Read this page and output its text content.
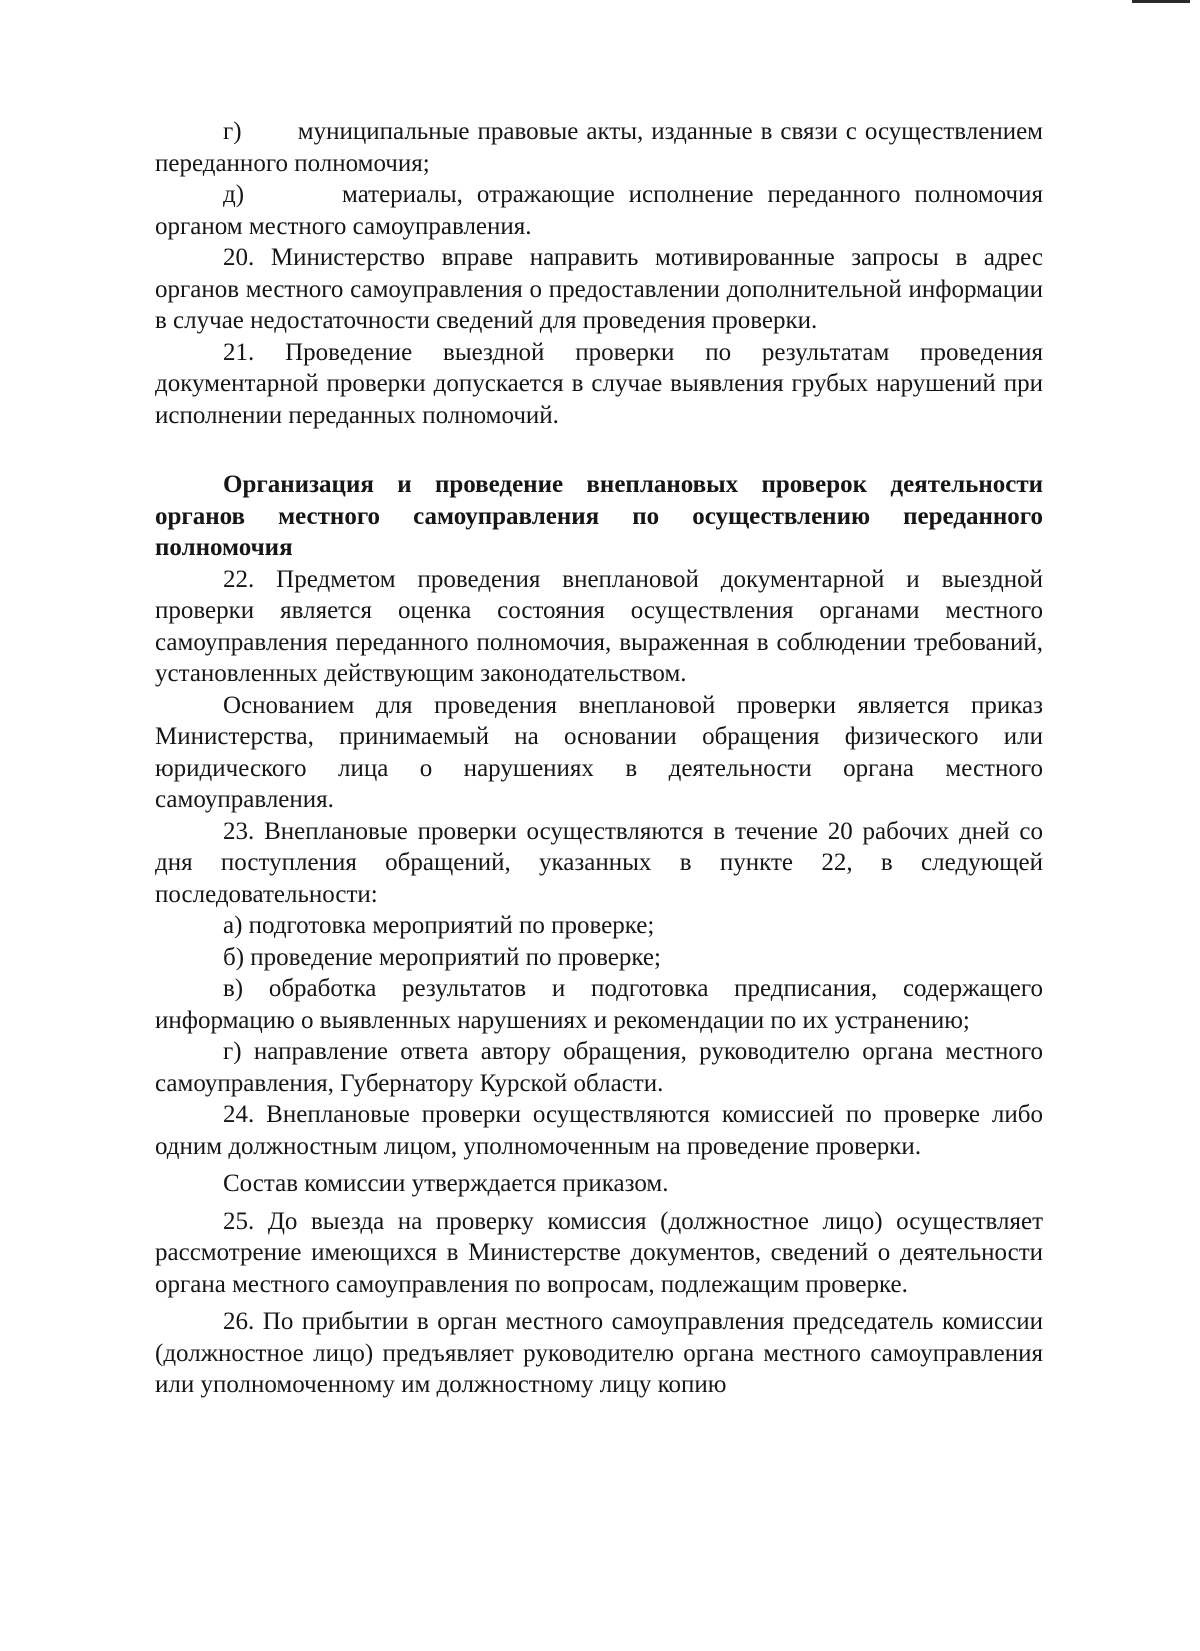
г)       муниципальные правовые акты, изданные в связи с осуществлением переданного полномочия;

д)       материалы, отражающие исполнение переданного полномочия органом местного самоуправления.

20. Министерство вправе направить мотивированные запросы в адрес органов местного самоуправления о предоставлении дополнительной информации в случае недостаточности сведений для проведения проверки.

21. Проведение выездной проверки по результатам проведения документарной проверки допускается в случае выявления грубых нарушений при исполнении переданных полномочий.

Организация и проведение внеплановых проверок деятельности органов местного самоуправления по осуществлению переданного полномочия

22. Предметом проведения внеплановой документарной и выездной проверки является оценка состояния осуществления органами местного самоуправления переданного полномочия, выраженная в соблюдении требований, установленных действующим законодательством.

Основанием для проведения внеплановой проверки является приказ Министерства, принимаемый на основании обращения физического или юридического лица о нарушениях в деятельности органа местного самоуправления.

23. Внеплановые проверки осуществляются в течение 20 рабочих дней со дня поступления обращений, указанных в пункте 22, в следующей последовательности:

а) подготовка мероприятий по проверке;

б) проведение мероприятий по проверке;

в) обработка результатов и подготовка предписания, содержащего информацию о выявленных нарушениях и рекомендации по их устранению;

г) направление ответа автору обращения, руководителю органа местного самоуправления, Губернатору Курской области.

24. Внеплановые проверки осуществляются комиссией по проверке либо одним должностным лицом, уполномоченным на проведение проверки.

Состав комиссии утверждается приказом.

25. До выезда на проверку комиссия (должностное лицо) осуществляет рассмотрение имеющихся в Министерстве документов, сведений о деятельности органа местного самоуправления по вопросам, подлежащим проверке.

26. По прибытии в орган местного самоуправления председатель комиссии (должностное лицо) предъявляет руководителю органа местного самоуправления или уполномоченному им должностному лицу копию
